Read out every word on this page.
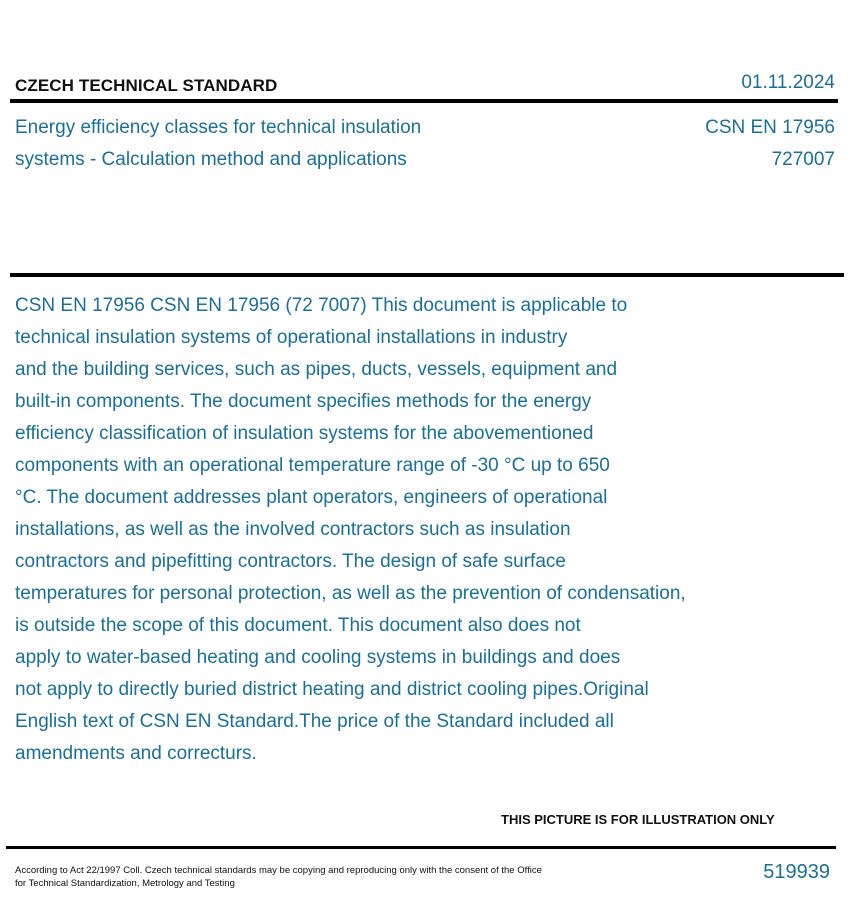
CZECH TECHNICAL STANDARD	01.11.2024
Energy efficiency classes for technical insulation
systems - Calculation method and applications
CSN EN 17956
727007

CSN EN 17956 CSN EN 17956 (72 7007) This document is applicable to
technical insulation systems of operational installations in industry
and the building services, such as pipes, ducts, vessels, equipment and
built-in components. The document specifies methods for the energy
efficiency classification of insulation systems for the abovementioned
components with an operational temperature range of -30 °C up to 650
°C. The document addresses plant operators, engineers of operational
installations, as well as the involved contractors such as insulation
contractors and pipefitting contractors. The design of safe surface
temperatures for personal protection, as well as the prevention of condensation,
is outside the scope of this document. This document also does not
apply to water-based heating and cooling systems in buildings and does
not apply to directly buried district heating and district cooling pipes.Original
English text of CSN EN Standard.The price of the Standard included all
amendments and correcturs.

THIS PICTURE IS FOR ILLUSTRATION ONLY
According to Act 22/1997 Coll. Czech technical standards may be copying and reproducing only with the consent of the Office
for Technical Standardization, Metrology and Testing
519939
